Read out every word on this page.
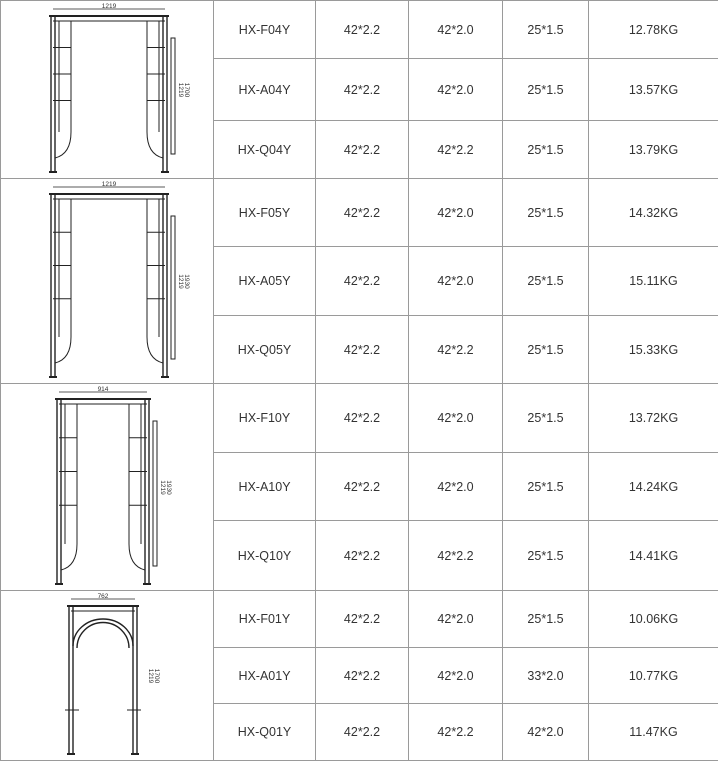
1219
1219 1700	HX-F04Y	42*2.2	42*2.0	25*1.5	12.78KG
	HX-A04Y	42*2.2	42*2.0	25*1.5	13.57KG
	HX-Q04Y	42*2.2	42*2.2	25*1.5	13.79KG

1219
1219 1930	HX-F05Y	42*2.2	42*2.0	25*1.5	14.32KG
	HX-A05Y	42*2.2	42*2.0	25*1.5	15.11KG
	HX-Q05Y	42*2.2	42*2.2	25*1.5	15.33KG

914
1219 1930	HX-F10Y	42*2.2	42*2.0	25*1.5	13.72KG
	HX-A10Y	42*2.2	42*2.0	25*1.5	14.24KG
	HX-Q10Y	42*2.2	42*2.2	25*1.5	14.41KG

762
1219 1700	HX-F01Y	42*2.2	42*2.0	25*1.5	10.06KG
	HX-A01Y	42*2.2	42*2.0	33*2.0	10.77KG
	HX-Q01Y	42*2.2	42*2.2	42*2.0	11.47KG
